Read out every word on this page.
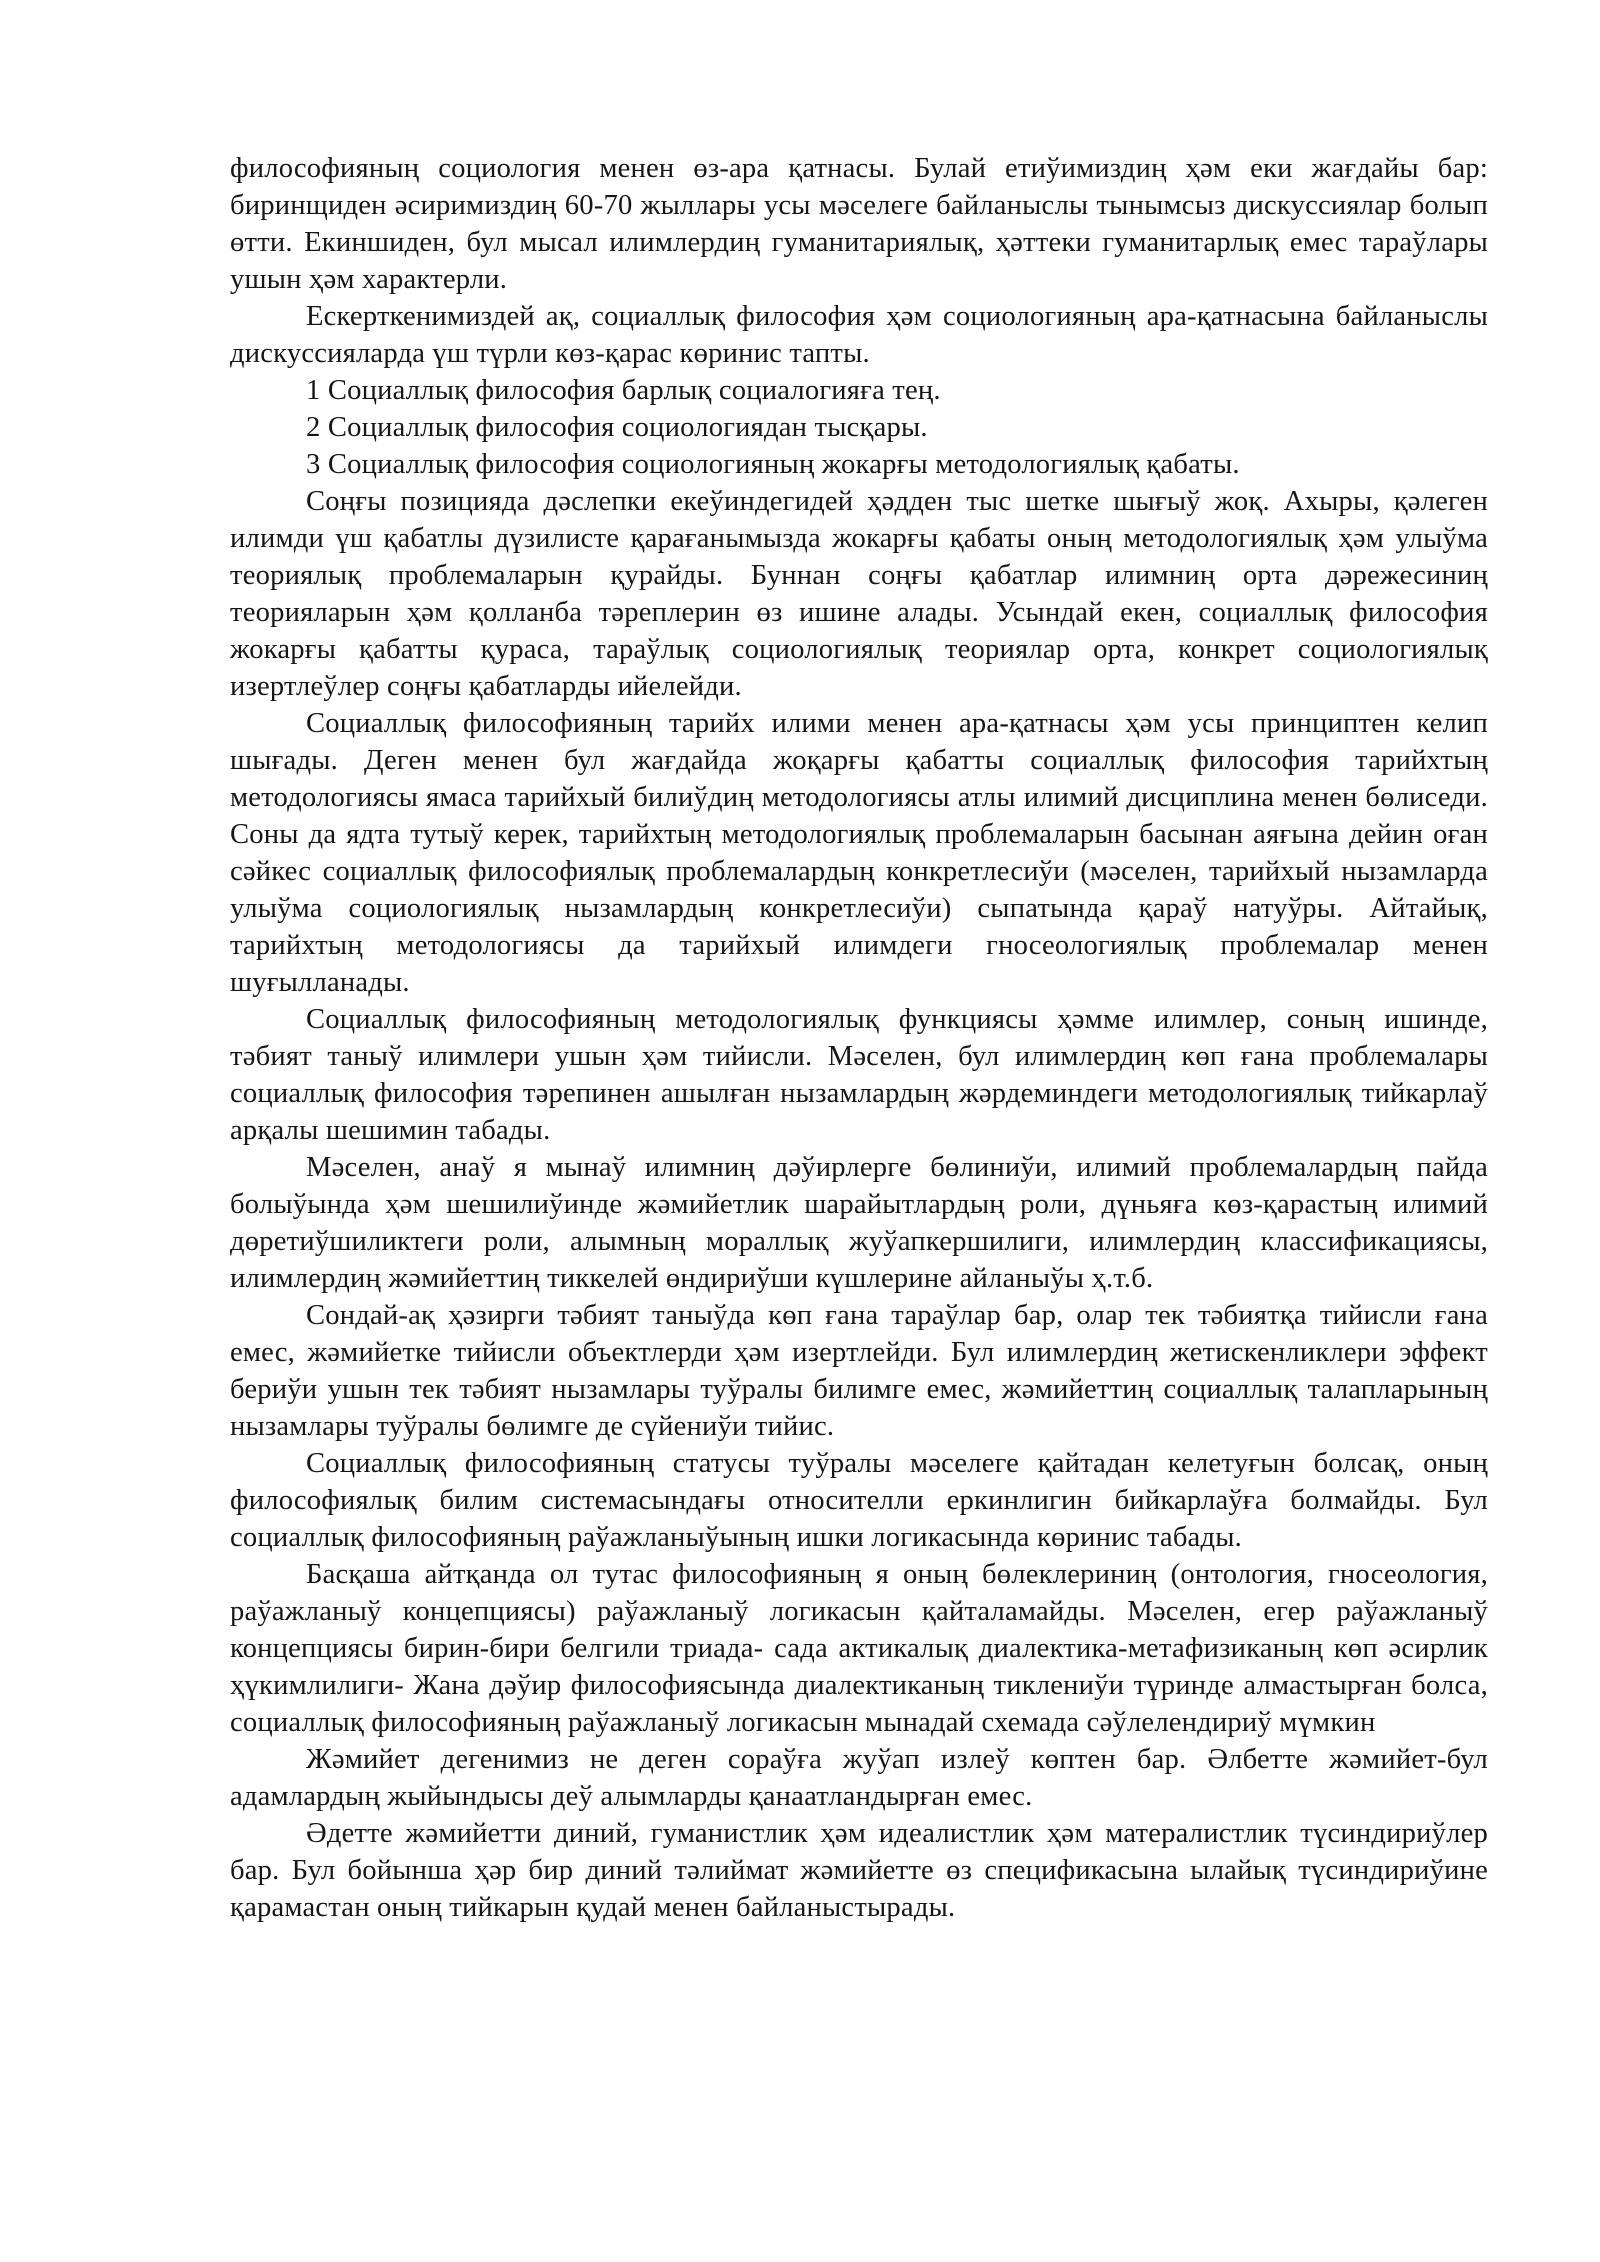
философияның социология менен өз-ара қатнасы. Булай етиўимиздиң ҳәм еки жағдайы бар: биринщиден әсиримиздиң 60-70 жыллары усы мәселеге байланыслы тынымсыз дискуссиялар болып өтти. Екиншиден, бул мысал илимлердиң гуманитариялық, ҳәттеки гуманитарлық емес тараўлары ушын ҳәм характерли.

Ескерткенимиздей ақ, социаллық философия ҳәм социологияның ара-қатнасына байланыслы дискуссияларда үш түрли көз-қарас көринис тапты.

1 Социаллық философия барлық социалогияға тең.

2 Социаллық философия социологиядан тысқары.

3 Социаллық философия социологияның жокарғы методологиялық қабаты.

Соңғы позицияда дәслепки екеўиндегидей ҳәдден тыс шетке шығыў жоқ. Ахыры, қәлеген илимди үш қабатлы дүзилисте қарағанымызда жокарғы қабаты оның методологиялық ҳәм улыўма теориялық проблемаларын қурайды. Буннан соңғы қабатлар илимниң орта дәрежесиниң теорияларын ҳәм қолланба тәреплерин өз ишине алады. Усындай екен, социаллық философия жокарғы қабатты қураса, тараўлық социологиялық теориялар орта, конкрет социологиялық изертлеўлер соңғы қабатларды ийелейди.

Социаллық философияның тарийх илими менен ара-қатнасы ҳәм усы принциптен келип шығады. Деген менен бул жағдайда жоқарғы қабатты социаллық философия тарийхтың методологиясы ямаса тарийхый билиўдиң методологиясы атлы илимий дисциплина менен бөлиседи. Соны да ядта тутыў керек, тарийхтың методологиялық проблемаларын басынан аяғына дейин оған сәйкес социаллық философиялық проблемалардың конкретлесиўи (мәселен, тарийхый нызамларда улыўма социологиялық нызамлардың конкретлесиўи) сыпатында қараў натуўры. Айтайық, тарийхтың методологиясы да тарийхый илимдеги гносеологиялық проблемалар менен шуғылланады.

Социаллық философияның методологиялық функциясы ҳәмме илимлер, соның ишинде, тәбият таныў илимлери ушын ҳәм тийисли. Мәселен, бул илимлердиң көп ғана проблемалары социаллық философия тәрепинен ашылған нызамлардың жәрдеминдеги методологиялық тийкарлаў арқалы шешимин табады.

Мәселен, анаў я мынаў илимниң дәўирлерге бөлиниўи, илимий проблемалардың пайда болыўында ҳәм шешилиўинде жәмийетлик шарайытлардың роли, дүньяға көз-қарастың илимий дөретиўшиликтеги роли, алымның мораллық жуўапкершилиги, илимлердиң классификациясы, илимлердиң жәмийеттиң тиккелей өндириўши күшлерине айланыўы ҳ.т.б.

Сондай-ақ ҳәзирги тәбият таныўда көп ғана тараўлар бар, олар тек тәбиятқа тийисли ғана емес, жәмийетке тийисли объектлерди ҳәм изертлейди. Бул илимлердиң жетискенликлери эффект бериўи ушын тек тәбият нызамлары туўралы билимге емес, жәмийеттиң социаллық талапларының нызамлары туўралы бөлимге де сүйениўи тийис.

Социаллық философияның статусы туўралы мәселеге қайтадан келетуғын болсақ, оның философиялық билим системасындағы относителли еркинлигин бийкарлаўға болмайды. Бул социаллық философияның раўажланыўының ишки логикасында көринис табады.

Басқаша айтқанда ол тутас философияның я оның бөлеклериниң (онтология, гносеология, раўажланыў концепциясы) раўажланыў логикасын қайталамайды. Мәселен, егер раўажланыў концепциясы бирин-бири белгили триада- сада актикалық диалектика-метафизиканың көп әсирлик ҳүкимлилиги- Жана дәўир философиясында диалектиканың тиклениўи түринде алмастырған болса, социаллық философияның раўажланыў логикасын мынадай схемада сәўлелендириў мүмкин

Жәмийет дегенимиз не деген сораўға жуўап излеў көптен бар. Әлбетте жәмийет-бул адамлардың жыйындысы деў алымларды қанаатландырған емес.

Әдетте жәмийетти диний, гуманистлик ҳәм идеалистлик ҳәм матералистлик түсиндириўлер бар. Бул бойынша ҳәр бир диний тәлиймат жәмийетте өз спецификасына ылайық түсиндириўине қарамастан оның тийкарын қудай менен байланыстырады.
